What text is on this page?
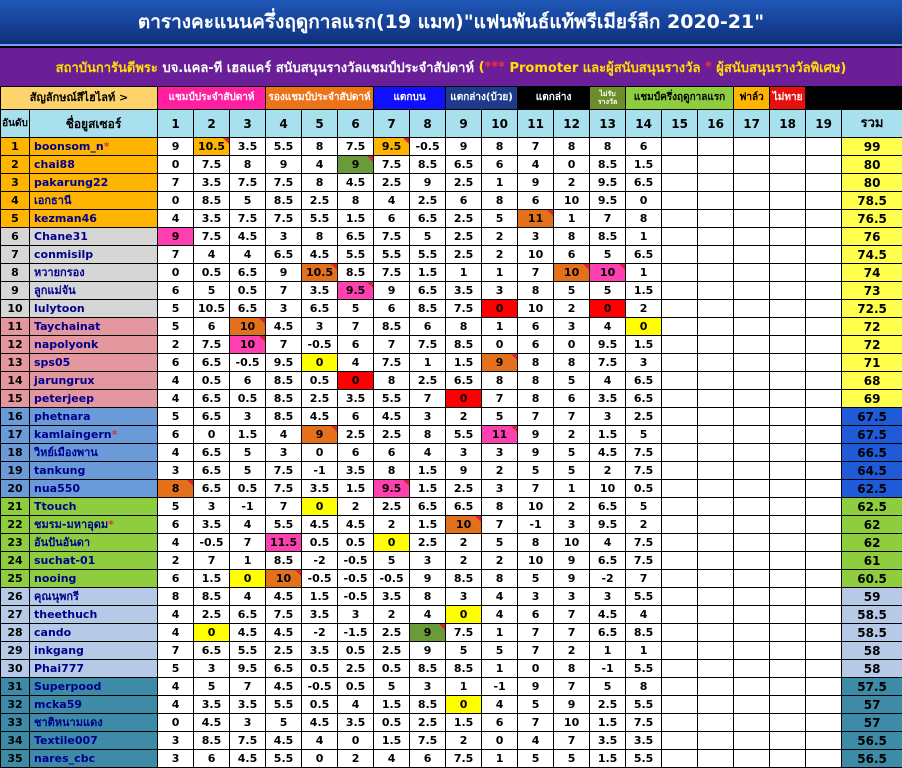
ตารางคะแนนครึ่งฤดูกาลแรก(19 แมท)"แฟนพันธ์แท้พรีเมียร์ลีก 2020-21"
สถาบันการันดีพระ
บจ.แคล-ที เฮลแคร์ สนับสนุนรางวัลแชมป์ประจำสัปดาห์
( ***
Promoter และผู้สนับสนุนรางวัล
*
ผู้สนับสนุนรางวัลพิเศษ)
สัญลักษณ์สีไฮไลท์ >		แชมป์ประจำสัปดาห์			รองแชมป์ประจำสัปดาห์			แตกบน		แตกล่าง(บ้วย)		แตกล่าง		ไม่รับรางวัล	แชมป์ครึ่งฤดูกาลแรก			ฟาล์ว	ไม่ทาย		
อันดับ	ชื่อยูสเซอร์	1	2	3	4	5	6	7	8	9	10	11	12	13	14	15	16	17	18	19	รวม
1	boonsom_n*	9	10.5	3.5	5.5	8	7.5	9.5	-0.5	9	8	7	8	8	6						99
2	chai88	0	7.5	8	9	4	9	7.5	8.5	6.5	6	4	0	8.5	1.5						80
3	pakarung22	7	3.5	7.5	7.5	8	4.5	2.5	9	2.5	1	9	2	9.5	6.5						80
4	เอกธานี	0	8.5	5	8.5	2.5	8	4	2.5	6	8	6	10	9.5	0						78.5
5	kezman46	4	3.5	7.5	7.5	5.5	1.5	6	6.5	2.5	5	11	1	7	8						76.5
6	Chane31	9	7.5	4.5	3	8	6.5	7.5	5	2.5	2	3	8	8.5	1						76
7	conmisilp	7	4	4	6.5	4.5	5.5	5.5	5.5	2.5	2	10	6	5	6.5						74.5
8	หวายกรอง	0	0.5	6.5	9	10.5	8.5	7.5	1.5	1	1	7	10	10	1						74
9	ลูกแม่จัน	6	5	0.5	7	3.5	9.5	9	6.5	3.5	3	8	5	5	1.5						73
10	lulytoon	5	10.5	6.5	3	6.5	5	6	8.5	7.5	0	10	2	0	2						72.5
11	Taychainat	5	6	10	4.5	3	7	8.5	6	8	1	6	3	4	0						72
12	napolyonk	2	7.5	10	7	-0.5	6	7	7.5	8.5	0	6	0	9.5	1.5						72
13	sps05	6	6.5	-0.5	9.5	0	4	7.5	1	1.5	9	8	8	7.5	3						71
14	jarungrux	4	0.5	6	8.5	0.5	0	8	2.5	6.5	8	8	5	4	6.5						68
15	peterjeep	4	6.5	0.5	8.5	2.5	3.5	5.5	7	0	7	8	6	3.5	6.5						69
16	phetnara	5	6.5	3	8.5	4.5	6	4.5	3	2	5	7	7	3	2.5						67.5
17	kamlaingern*	6	0	1.5	4	9	2.5	2.5	8	5.5	11	9	2	1.5	5						67.5
18	วิหย์เมืองพาน	4	6.5	5	3	0	6	6	4	3	3	9	5	4.5	7.5						66.5
19	tankung	3	6.5	5	7.5	-1	3.5	8	1.5	9	2	5	5	2	7.5						64.5
20	nua550	8	6.5	0.5	7.5	3.5	1.5	9.5	1.5	2.5	3	7	1	10	0.5						62.5
21	Ttouch	5	3	-1	7	0	2	2.5	6.5	6.5	8	10	2	6.5	5						62.5
22	ชมรม-มหาอุดม*	6	3.5	4	5.5	4.5	4.5	2	1.5	10	7	-1	3	9.5	2						62
23	อันปันอันดา	4	-0.5	7	11.5	0.5	0.5	0	2.5	2	5	8	10	4	7.5						62
24	suchat-01	2	7	1	8.5	-2	-0.5	5	3	2	2	10	9	6.5	7.5						61
25	nooing	6	1.5	0	10	-0.5	-0.5	-0.5	9	8.5	8	5	9	-2	7						60.5
26	คุณนุพกรี	8	8.5	4	4.5	1.5	-0.5	3.5	8	3	4	3	3	3	5.5						59
27	theethuch	4	2.5	6.5	7.5	3.5	3	2	4	0	4	6	7	4.5	4						58.5
28	cando	4	0	4.5	4.5	-2	-1.5	2.5	9	7.5	1	7	7	6.5	8.5						58.5
29	inkgang	7	6.5	5.5	2.5	3.5	0.5	2.5	9	5	5	7	2	1	1						58
30	Phai777	5	3	9.5	6.5	0.5	2.5	0.5	8.5	8.5	1	0	8	-1	5.5						58
31	Superpood	4	5	7	4.5	-0.5	0.5	5	3	1	-1	9	7	5	8						57.5
32	mcka59	4	3.5	3.5	5.5	0.5	4	1.5	8.5	0	4	5	9	2.5	5.5						57
33	ชาติหนามแดง	0	4.5	3	5	4.5	3.5	0.5	2.5	1.5	6	7	10	1.5	7.5						57
34	Textile007	3	8.5	7.5	4.5	4	0	1.5	7.5	2	0	4	7	3.5	3.5						56.5
35	nares_cbc	3	6	4.5	5.5	0	2	4	6	7.5	1	5	5	1.5	5.5						56.5
